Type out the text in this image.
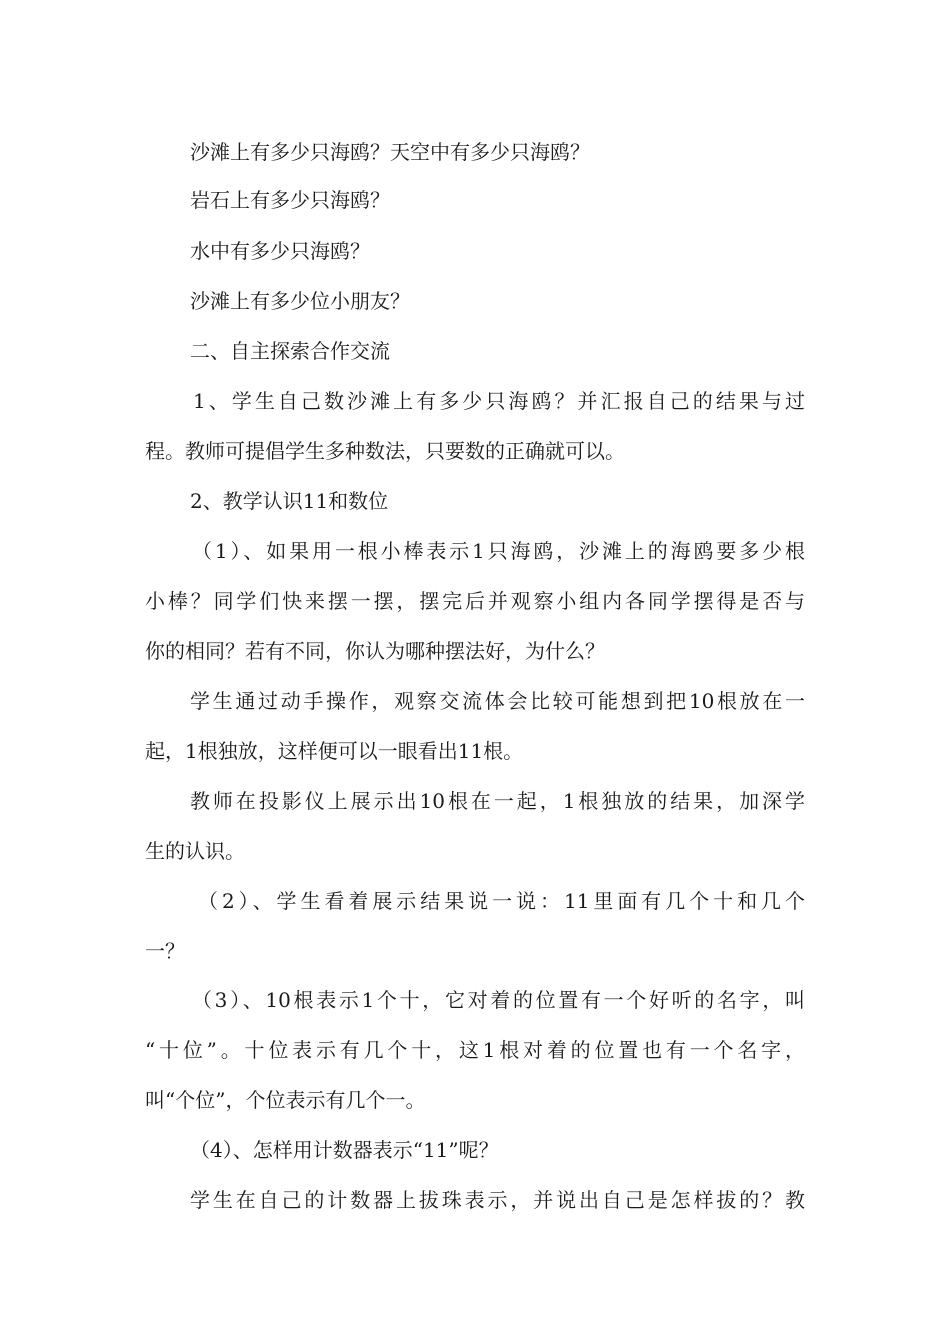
沙滩上有多少只海鸥？天空中有多少只海鸥？

岩石上有多少只海鸥？

水中有多少只海鸥？

沙滩上有多少位小朋友？

二、自主探索合作交流

1、学生自己数沙滩上有多少只海鸥？并汇报自己的结果与过

程。教师可提倡学生多种数法，只要数的正确就可以。

2、教学认识11和数位

（1）、如果用一根小棒表示1只海鸥，沙滩上的海鸥要多少根

小棒？同学们快来摆一摆，摆完后并观察小组内各同学摆得是否与

你的相同？若有不同，你认为哪种摆法好，为什么？

学生通过动手操作，观察交流体会比较可能想到把10根放在一

起，1根独放，这样便可以一眼看出11根。

教师在投影仪上展示出10根在一起，1根独放的结果，加深学

生的认识。

（2）、学生看着展示结果说一说：11里面有几个十和几个

一？

（3）、10根表示1个十，它对着的位置有一个好听的名字，叫

“十位”。十位表示有几个十，这1根对着的位置也有一个名字，

叫“个位”，个位表示有几个一。

（4）、怎样用计数器表示“11”呢？

学生在自己的计数器上拔珠表示，并说出自己是怎样拔的？教
